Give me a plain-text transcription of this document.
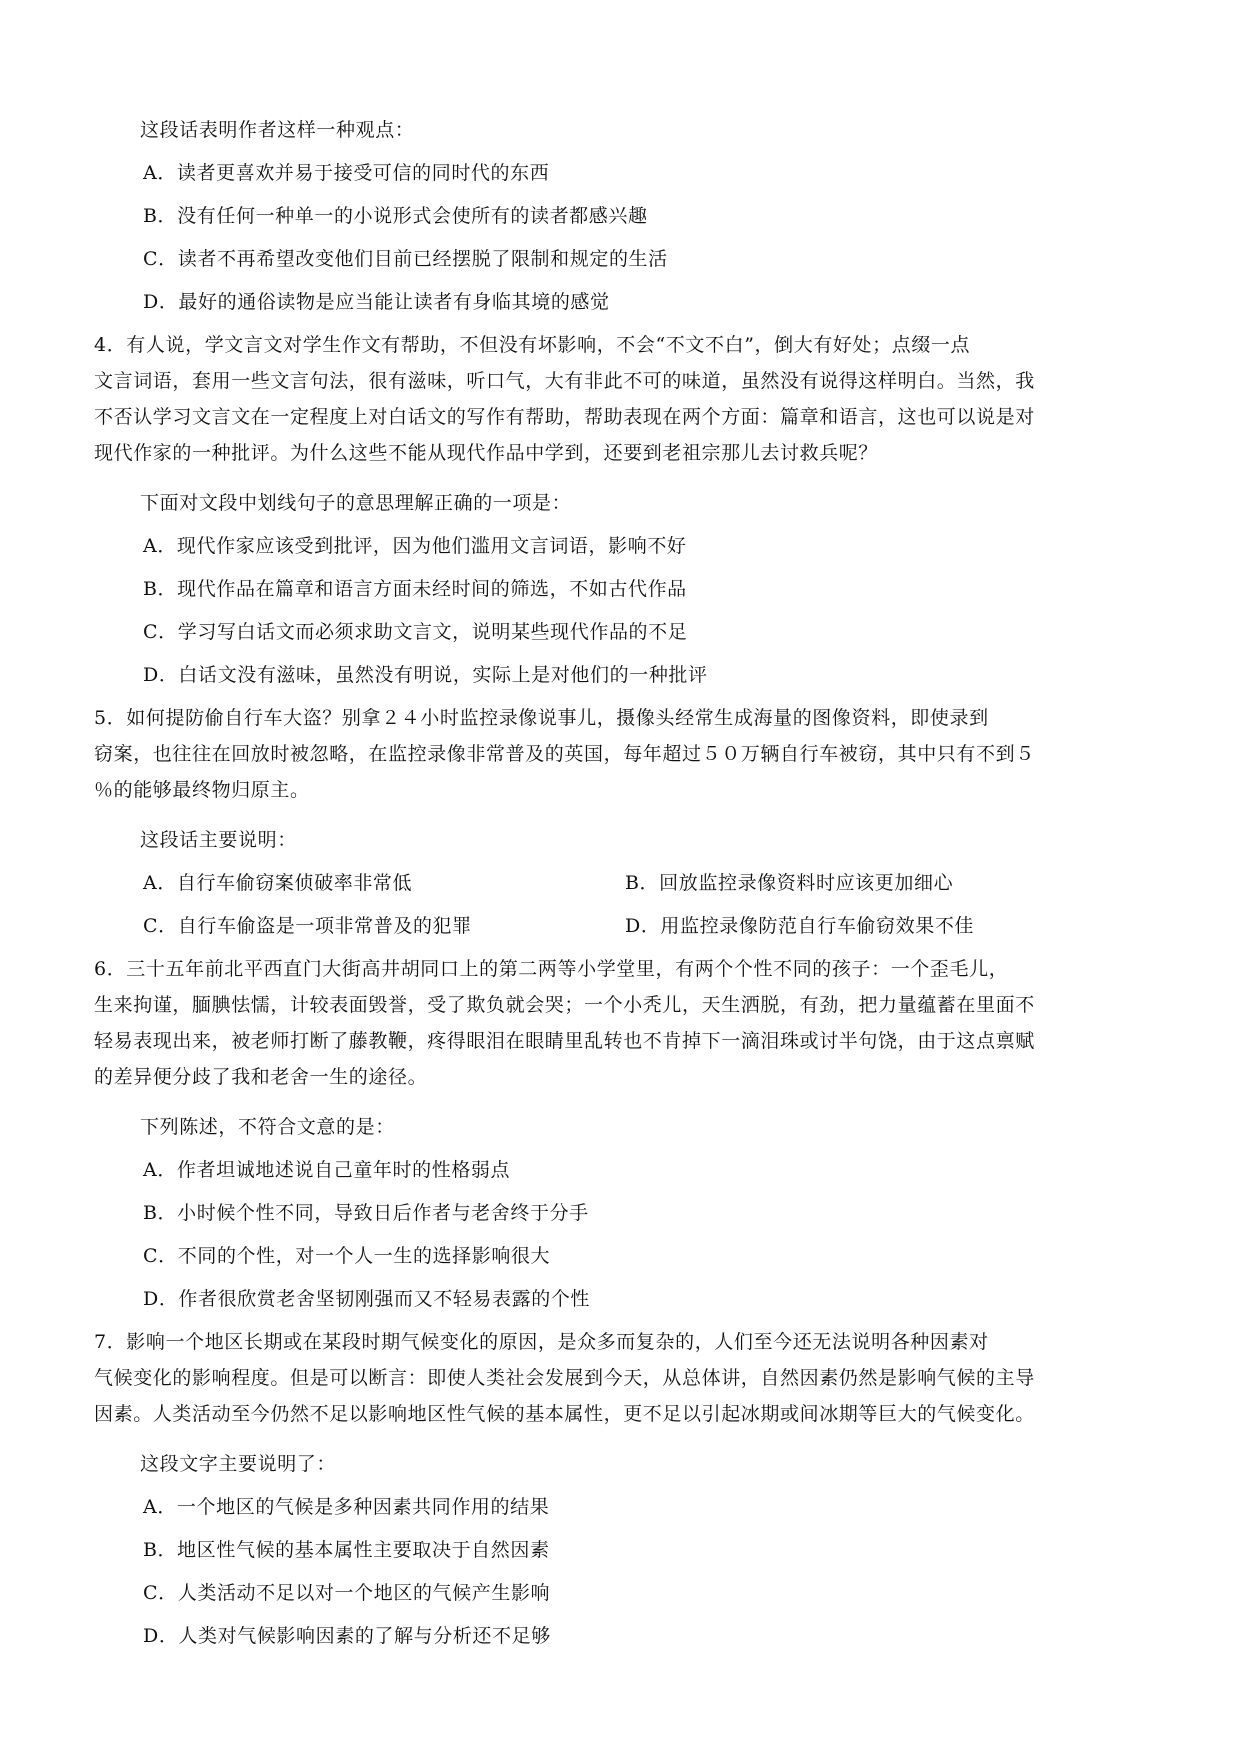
这段话表明作者这样一种观点：
A．读者更喜欢并易于接受可信的同时代的东西
B．没有任何一种单一的小说形式会使所有的读者都感兴趣
C．读者不再希望改变他们目前已经摆脱了限制和规定的生活
D．最好的通俗读物是应当能让读者有身临其境的感觉
4．有人说，学文言文对学生作文有帮助，不但没有坏影响，不会“不文不白”，倒大有好处；点缀一点
文言词语，套用一些文言句法，很有滋味，听口气，大有非此不可的味道，虽然没有说得这样明白。当然，我
不否认学习文言文在一定程度上对白话文的写作有帮助，帮助表现在两个方面：篇章和语言，这也可以说是对
现代作家的一种批评。为什么这些不能从现代作品中学到，还要到老祖宗那儿去讨救兵呢？
下面对文段中划线句子的意思理解正确的一项是：
A．现代作家应该受到批评，因为他们滥用文言词语，影响不好
B．现代作品在篇章和语言方面未经时间的筛选，不如古代作品
C．学习写白话文而必须求助文言文，说明某些现代作品的不足
D．白话文没有滋味，虽然没有明说，实际上是对他们的一种批评
5．如何提防偷自行车大盗？别拿２４小时监控录像说事儿，摄像头经常生成海量的图像资料，即使录到
窃案，也往往在回放时被忽略，在监控录像非常普及的英国，每年超过５０万辆自行车被窃，其中只有不到５
％的能够最终物归原主。
这段话主要说明：
A．自行车偷窃案侦破率非常低	B．回放监控录像资料时应该更加细心
C．自行车偷盗是一项非常普及的犯罪	D．用监控录像防范自行车偷窃效果不佳
6．三十五年前北平西直门大街高井胡同口上的第二两等小学堂里，有两个个性不同的孩子：一个歪毛儿，
生来拘谨，腼腆怯懦，计较表面毁誉，受了欺负就会哭；一个小秃儿，天生洒脱，有劲，把力量蕴蓄在里面不
轻易表现出来，被老师打断了藤教鞭，疼得眼泪在眼睛里乱转也不肯掉下一滴泪珠或讨半句饶，由于这点禀赋
的差异便分歧了我和老舍一生的途径。
下列陈述，不符合文意的是：
A．作者坦诚地述说自己童年时的性格弱点
B．小时候个性不同，导致日后作者与老舍终于分手
C．不同的个性，对一个人一生的选择影响很大
D．作者很欣赏老舍坚韧刚强而又不轻易表露的个性
7．影响一个地区长期或在某段时期气候变化的原因，是众多而复杂的，人们至今还无法说明各种因素对
气候变化的影响程度。但是可以断言：即使人类社会发展到今天，从总体讲，自然因素仍然是影响气候的主导
因素。人类活动至今仍然不足以影响地区性气候的基本属性，更不足以引起冰期或间冰期等巨大的气候变化。
这段文字主要说明了：
A．一个地区的气候是多种因素共同作用的结果
B．地区性气候的基本属性主要取决于自然因素
C．人类活动不足以对一个地区的气候产生影响
D．人类对气候影响因素的了解与分析还不足够
